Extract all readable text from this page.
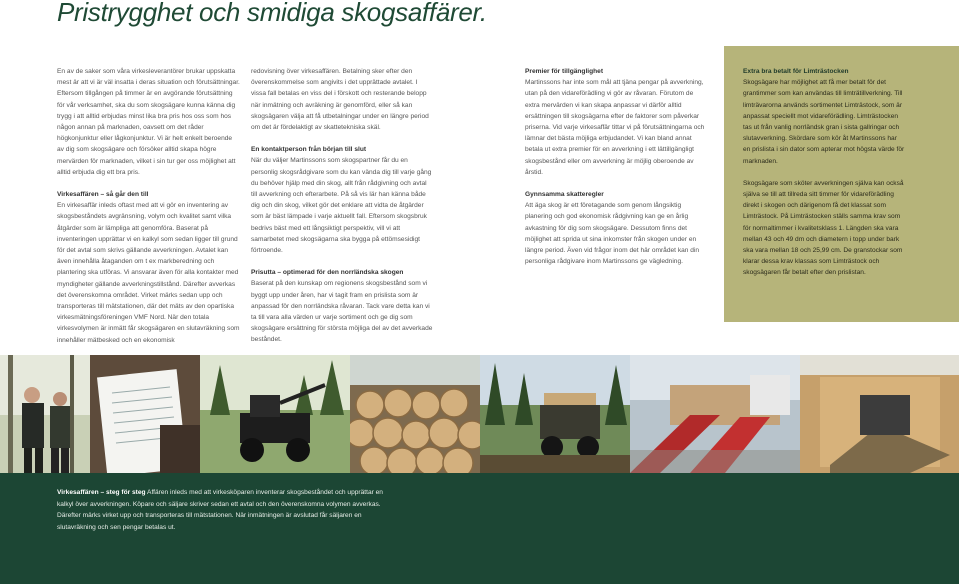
Pristrygghet och smidiga skogsaffärer.

En av de saker som våra virkesleverantörer brukar uppskatta mest är att vi är väl insatta i deras situation och förutsättningar. Eftersom tillgången på timmer är en avgörande förutsättning för vår verksamhet, ska du som skogsägare kunna känna dig trygg i att alltid erbjudas minst lika bra pris hos oss som hos någon annan på marknaden, oavsett om det råder högkonjunktur eller lågkonjunktur. Vi är helt enkelt beroende av dig som skogsägare och försöker alltid skapa högre mervärden för marknaden, vilket i sin tur ger oss möjlighet att alltid erbjuda dig ett bra pris.

Virkesaffären – så går den till
En virkesaffär inleds oftast med att vi gör en inventering av skogsbeståndets avgränsning, volym och kvalitet samt vilka åtgärder som är lämpliga att genomföra. Baserat på inventeringen upprättar vi en kalkyl som sedan ligger till grund för det avtal som skrivs gällande avverkningen. Avtalet kan även innehålla åtaganden om t ex markberedning och plantering ska utföras. Vi ansvarar även för alla kontakter med myndigheter gällande avverkningstillstånd. Därefter avverkas det överenskomna området. Virket märks sedan upp och transporteras till mätstationen, där det mäts av den opartiska virkesmätningsföreningen VMF Nord. När den totala virkesvolymen är inmätt får skogsägaren en slutavräkning som innehåller mätbesked och en ekonomisk

redovisning över virkesaffären. Betalning sker efter den överenskommelse som angivits i det upprättade avtalet. I vissa fall betalas en viss del i förskott och resterande belopp när inmätning och avräkning är genomförd, eller så kan skogsägaren välja att få utbetalningar under en längre period om det är fördelaktigt av skattetekniska skäl.

En kontaktperson från början till slut
När du väljer Martinssons som skogspartner får du en personlig skogsrådgivare som du kan vända dig till varje gång du behöver hjälp med din skog, allt från rådgivning och avtal till avverkning och efterarbete. På så vis lär han känna både dig och din skog, vilket gör det enklare att vidta de åtgärder som är bäst lämpade i varje aktuellt fall. Eftersom skogsbruk bedrivs bäst med ett långsiktigt perspektiv, vill vi att samarbetet med skogsägarna ska bygga på ettömsesidigt förtroende.

Prisutta – optimerad för den norrländska skogen
Baserat på den kunskap om regionens skogsbestånd som vi byggt upp under åren, har vi tagit fram en prislista som är anpassad för den norrländska råvaran. Tack vare detta kan vi ta till vara alla värden ur varje sortiment och ge dig som skogsägare ersättning för största möjliga del av det avverkade beståndet.

Premier för tillgänglighet
Martinssons har inte som mål att tjäna pengar på avverkning, utan på den vidareförädling vi gör av råvaran. Förutom de extra mervärden vi kan skapa anpassar vi därför alltid ersättningen till skogsägarna efter de faktorer som påverkar priserna. Vid varje virkesaffär tittar vi på förutsättningarna och lämnar det bästa möjliga erbjudandet. Vi kan bland annat betala ut extra premier för en avverkning i ett lättillgängligt skogsbestånd eller om avverkning är möjlig oberoende av årstid.

Gynnsamma skatteregler
Att äga skog är ett företagande som genom långsiktig planering och god ekonomisk rådgivning kan ge en årlig avkastning för dig som skogsägare. Dessutom finns det möjlighet att sprida ut sina inkomster från skogen under en längre period. Även vid frågor inom det här området kan din personliga rådgivare inom Martinssons ge vägledning.

Extra bra betalt för Limträstocken
Skogsägare har möjlighet att få mer betalt för det grantimmer som kan användas till limträtillverkning. Till limträvarorna används sortimentet Limträstock, som är anpassat speciellt mot vidareförädling. Limträstocken tas ut från vanlig norrländsk gran i sista gallringar och slutavverkning. Skördare som kör åt Martinssons har en prislista i sin dator som apterar mot högsta värde för marknaden.

Skogsägare som sköter avverkningen själva kan också själva se till att tillreda sitt timmer för vidareförädling direkt i skogen och därigenom få det klassat som Limträstock. På Limträstocken ställs samma krav som för normaltimmer i kvalitetsklass 1. Längden ska vara mellan 43 och 49 dm och diametern i topp under bark ska vara mellan 18 och 25,99 cm. De granstockar som klarar dessa krav klassas som Limträstock och skogsägaren får betalt efter den prislistan.

Virkesaffären – steg för steg Affären inleds med att virkesköparen inventerar skogsbeståndet och upprättar en kalkyl över avverkningen. Köpare och säljare skriver sedan ett avtal och den överenskomna volymen avverkas. Därefter märks virket upp och transporteras till mätstationen. När inmätningen är avslutad får säljaren en slutavräkning och sen pengar betalas ut.
